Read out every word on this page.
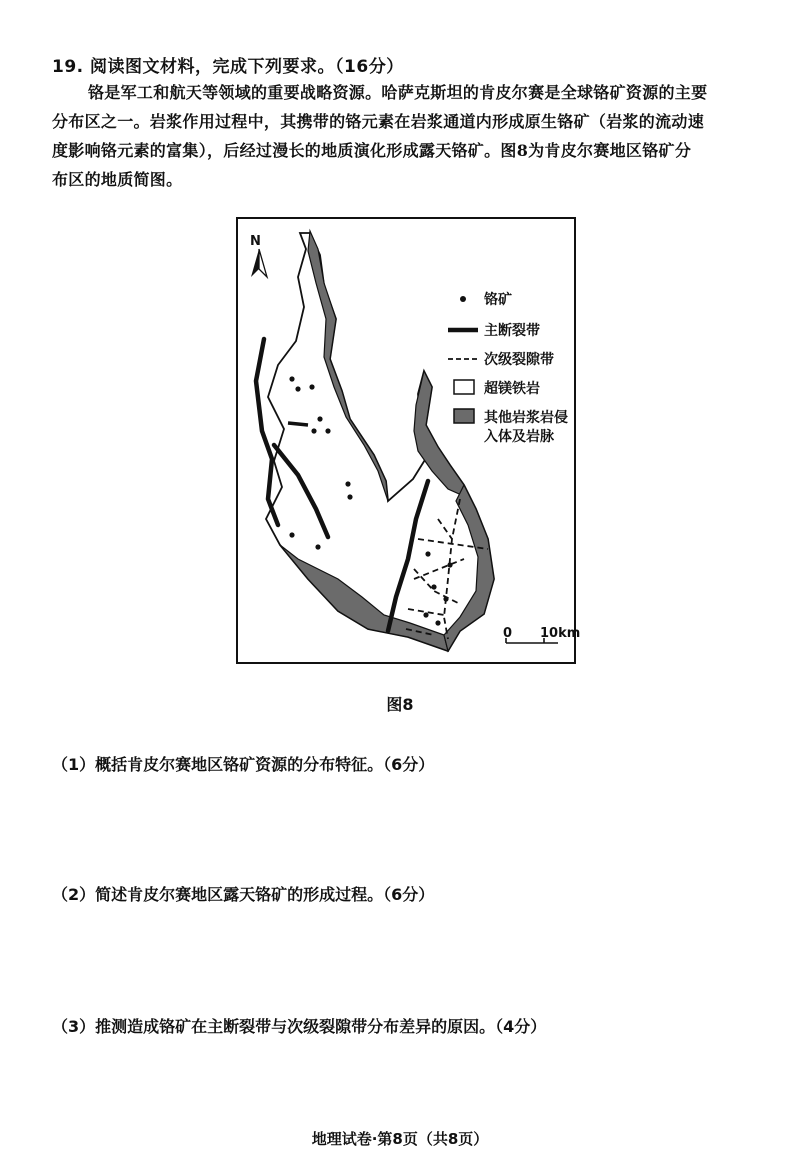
19. 阅读图文材料，完成下列要求。（16分）
铬是军工和航天等领域的重要战略资源。哈萨克斯坦的肯皮尔赛是全球铬矿资源的主要
分布区之一。岩浆作用过程中，其携带的铬元素在岩浆通道内形成原生铬矿（岩浆的流动速
度影响铬元素的富集），后经过漫长的地质演化形成露天铬矿。图8为肯皮尔赛地区铬矿分
布区的地质简图。
N
铬矿
主断裂带
次级裂隙带
超镁铁岩
其他岩浆岩侵
入体及岩脉
0 10km
图8
（1）概括肯皮尔赛地区铬矿资源的分布特征。（6分）
（2）简述肯皮尔赛地区露天铬矿的形成过程。（6分）
（3）推测造成铬矿在主断裂带与次级裂隙带分布差异的原因。（4分）
地理试卷·第8页（共8页）
